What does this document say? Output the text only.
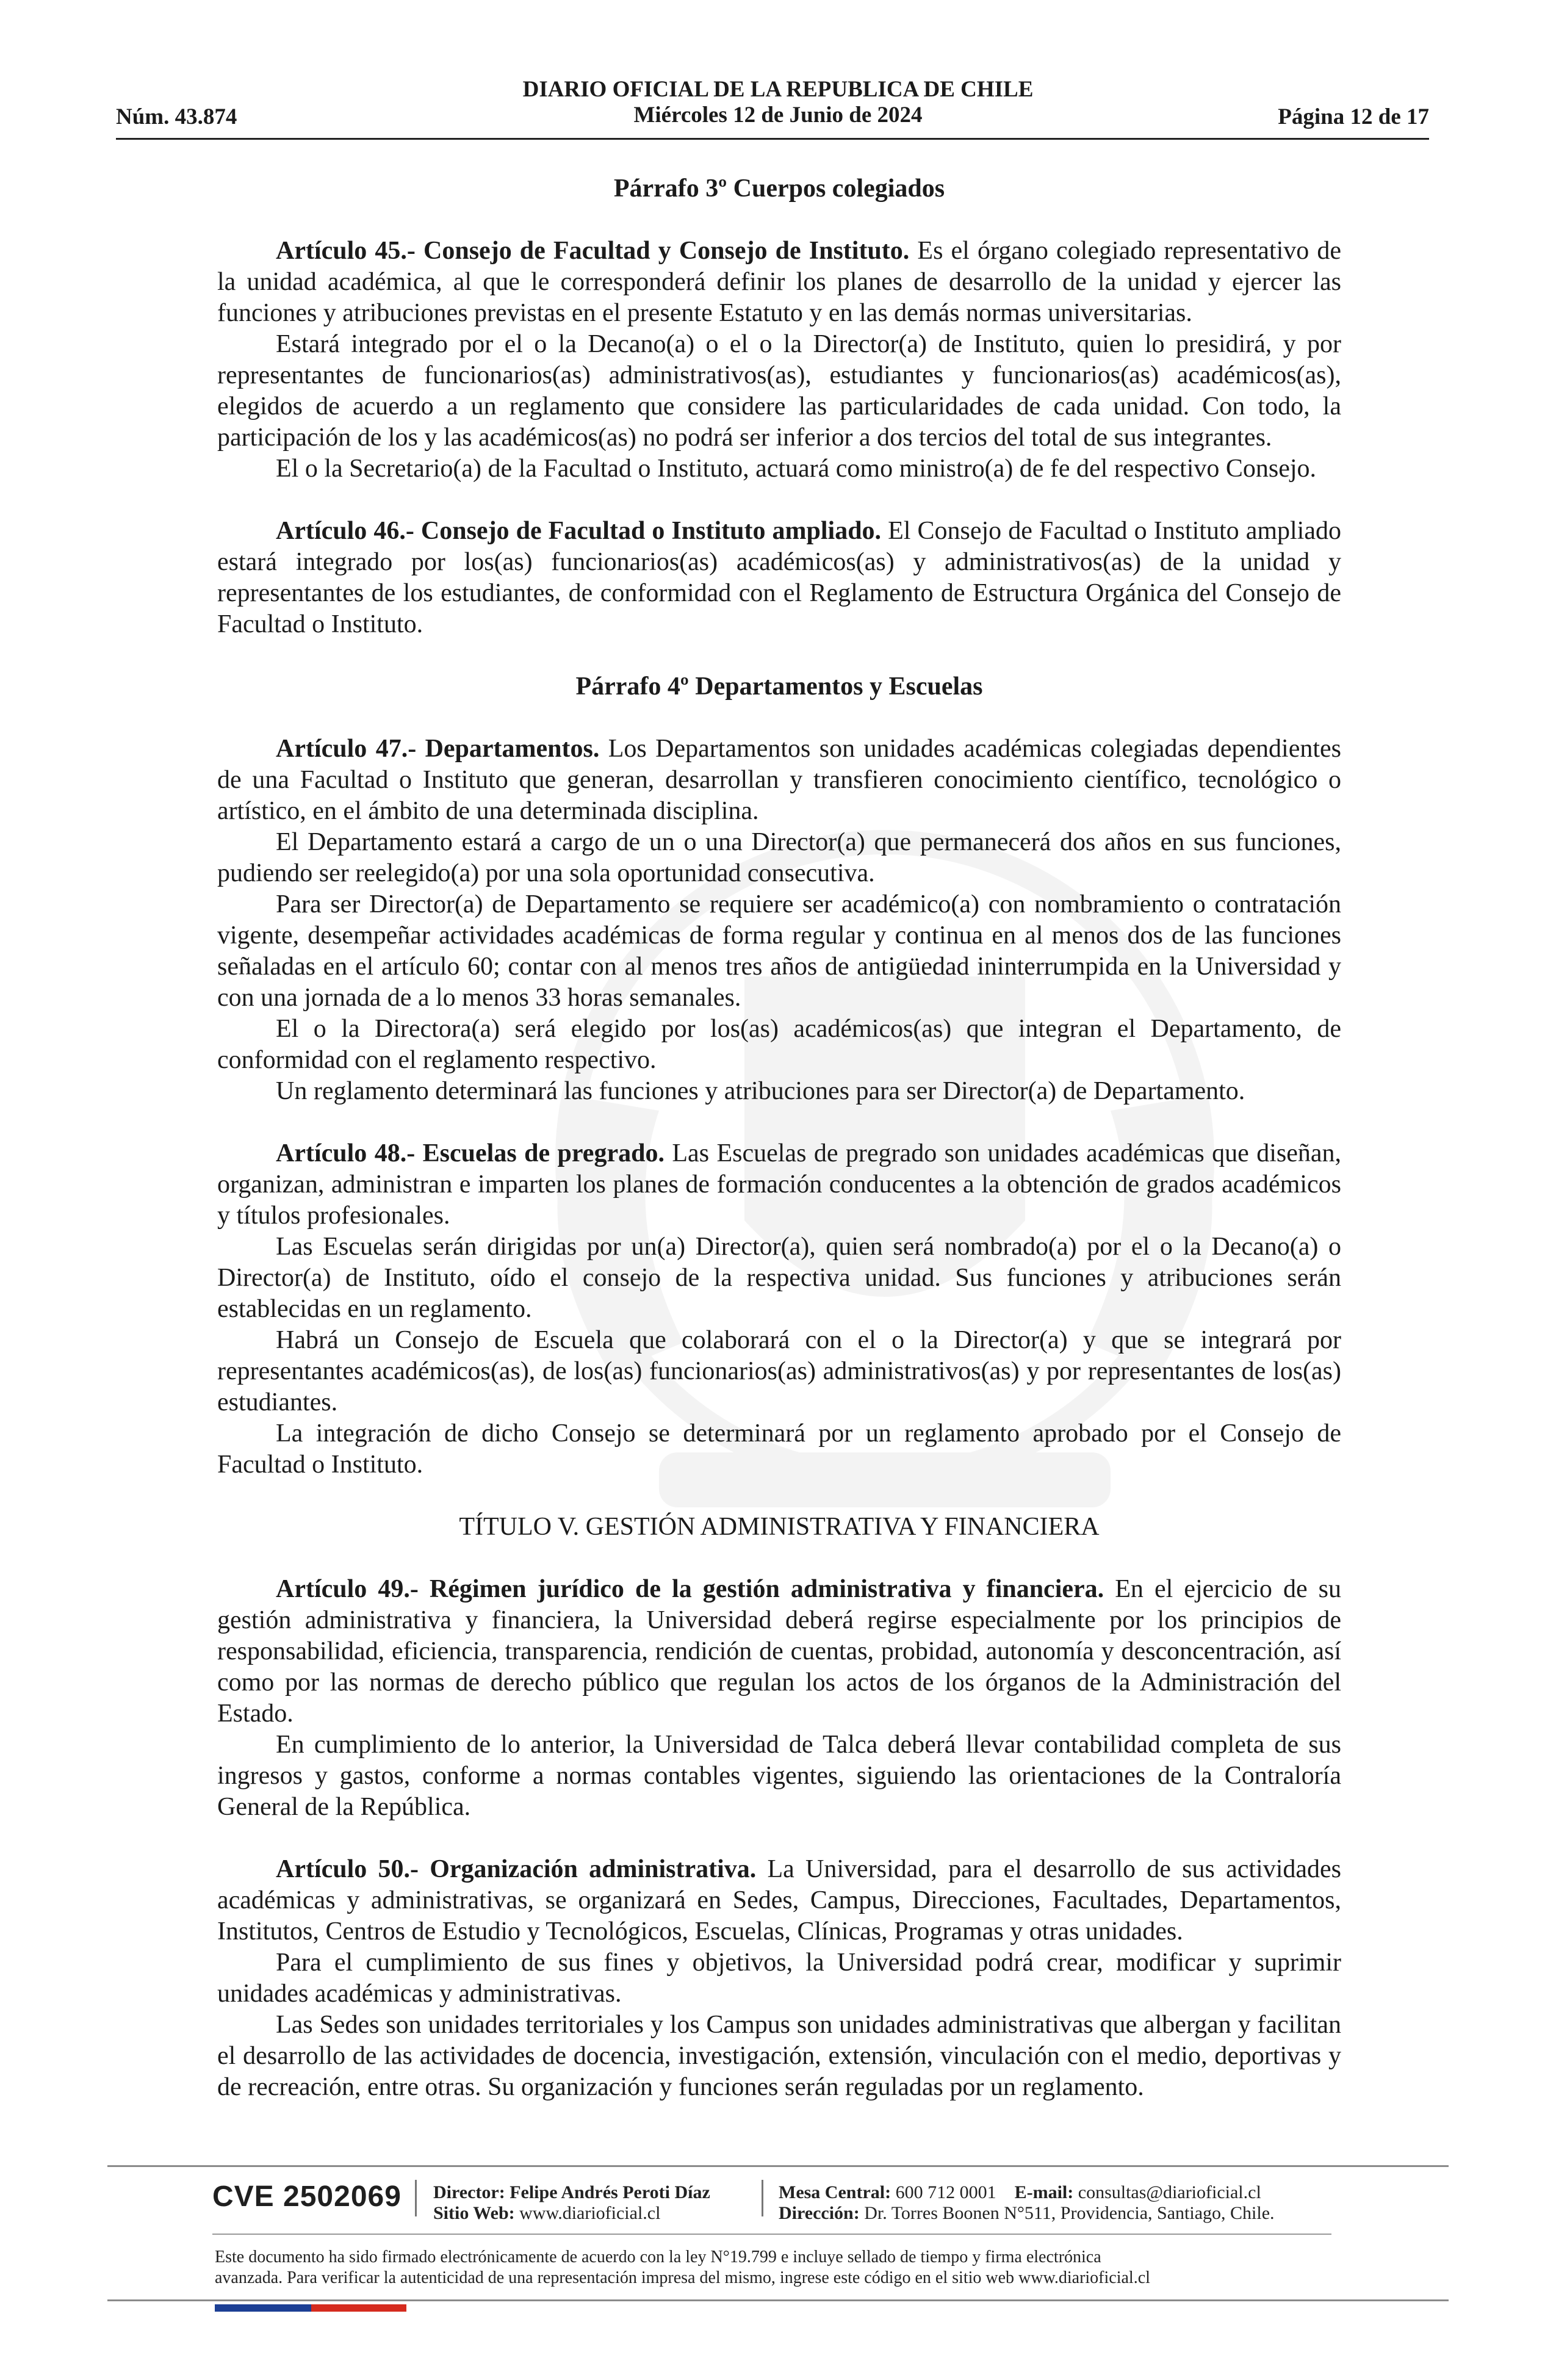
DIARIO OFICIAL DE LA REPUBLICA DE CHILE
Miércoles 12 de Junio de 2024
Núm. 43.874	Página 12 de 17
Párrafo 3º Cuerpos colegiados

Artículo 45.- Consejo de Facultad y Consejo de Instituto. Es el órgano colegiado representativo de la unidad académica, al que le corresponderá definir los planes de desarrollo de la unidad y ejercer las funciones y atribuciones previstas en el presente Estatuto y en las demás normas universitarias.

Estará integrado por el o la Decano(a) o el o la Director(a) de Instituto, quien lo presidirá, y por representantes de funcionarios(as) administrativos(as), estudiantes y funcionarios(as) académicos(as), elegidos de acuerdo a un reglamento que considere las particularidades de cada unidad. Con todo, la participación de los y las académicos(as) no podrá ser inferior a dos tercios del total de sus integrantes.

El o la Secretario(a) de la Facultad o Instituto, actuará como ministro(a) de fe del respectivo Consejo.

Artículo 46.- Consejo de Facultad o Instituto ampliado. El Consejo de Facultad o Instituto ampliado estará integrado por los(as) funcionarios(as) académicos(as) y administrativos(as) de la unidad y representantes de los estudiantes, de conformidad con el Reglamento de Estructura Orgánica del Consejo de Facultad o Instituto.

Párrafo 4º Departamentos y Escuelas

Artículo 47.- Departamentos. Los Departamentos son unidades académicas colegiadas dependientes de una Facultad o Instituto que generan, desarrollan y transfieren conocimiento científico, tecnológico o artístico, en el ámbito de una determinada disciplina.

El Departamento estará a cargo de un o una Director(a) que permanecerá dos años en sus funciones, pudiendo ser reelegido(a) por una sola oportunidad consecutiva.

Para ser Director(a) de Departamento se requiere ser académico(a) con nombramiento o contratación vigente, desempeñar actividades académicas de forma regular y continua en al menos dos de las funciones señaladas en el artículo 60; contar con al menos tres años de antigüedad ininterrumpida en la Universidad y con una jornada de a lo menos 33 horas semanales.

El o la Directora(a) será elegido por los(as) académicos(as) que integran el Departamento, de conformidad con el reglamento respectivo.

Un reglamento determinará las funciones y atribuciones para ser Director(a) de Departamento.

Artículo 48.- Escuelas de pregrado. Las Escuelas de pregrado son unidades académicas que diseñan, organizan, administran e imparten los planes de formación conducentes a la obtención de grados académicos y títulos profesionales.

Las Escuelas serán dirigidas por un(a) Director(a), quien será nombrado(a) por el o la Decano(a) o Director(a) de Instituto, oído el consejo de la respectiva unidad. Sus funciones y atribuciones serán establecidas en un reglamento.

Habrá un Consejo de Escuela que colaborará con el o la Director(a) y que se integrará por representantes académicos(as), de los(as) funcionarios(as) administrativos(as) y por representantes de los(as) estudiantes.

La integración de dicho Consejo se determinará por un reglamento aprobado por el Consejo de Facultad o Instituto.

TÍTULO V. GESTIÓN ADMINISTRATIVA Y FINANCIERA

Artículo 49.- Régimen jurídico de la gestión administrativa y financiera. En el ejercicio de su gestión administrativa y financiera, la Universidad deberá regirse especialmente por los principios de responsabilidad, eficiencia, transparencia, rendición de cuentas, probidad, autonomía y desconcentración, así como por las normas de derecho público que regulan los actos de los órganos de la Administración del Estado.

En cumplimiento de lo anterior, la Universidad de Talca deberá llevar contabilidad completa de sus ingresos y gastos, conforme a normas contables vigentes, siguiendo las orientaciones de la Contraloría General de la República.

Artículo 50.- Organización administrativa. La Universidad, para el desarrollo de sus actividades académicas y administrativas, se organizará en Sedes, Campus, Direcciones, Facultades, Departamentos, Institutos, Centros de Estudio y Tecnológicos, Escuelas, Clínicas, Programas y otras unidades.

Para el cumplimiento de sus fines y objetivos, la Universidad podrá crear, modificar y suprimir unidades académicas y administrativas.

Las Sedes son unidades territoriales y los Campus son unidades administrativas que albergan y facilitan el desarrollo de las actividades de docencia, investigación, extensión, vinculación con el medio, deportivas y de recreación, entre otras. Su organización y funciones serán reguladas por un reglamento.

CVE 2502069 Director: Felipe Andrés Peroti Díaz
Sitio Web: www.diarioficial.cl
Mesa Central: 600 712 0001 E-mail: consultas@diarioficial.cl
Dirección: Dr. Torres Boonen N°511, Providencia, Santiago, Chile.
Este documento ha sido firmado electrónicamente de acuerdo con la ley N°19.799 e incluye sellado de tiempo y firma electrónica
avanzada. Para verificar la autenticidad de una representación impresa del mismo, ingrese este código en el sitio web www.diarioficial.cl
